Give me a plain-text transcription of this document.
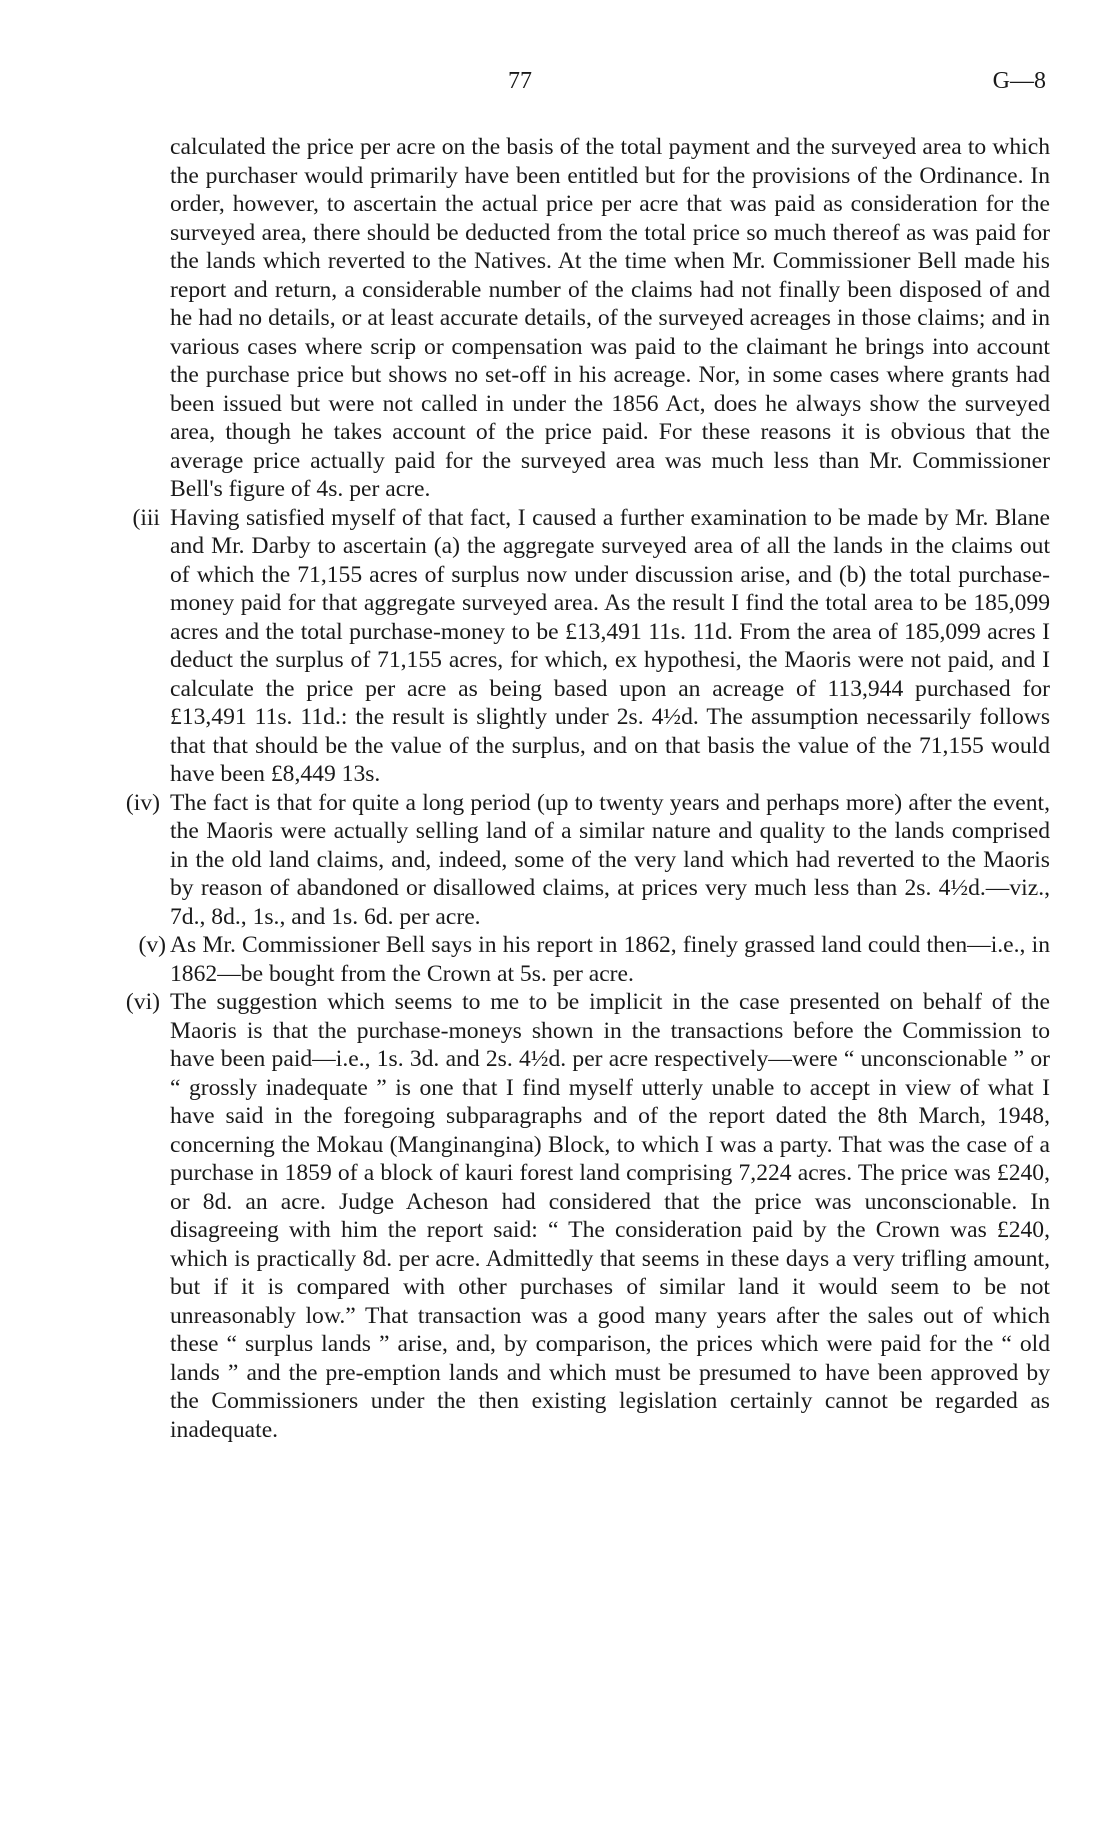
77	G—8

calculated the price per acre on the basis of the total payment and the surveyed area to which the purchaser would primarily have been entitled but for the provisions of the Ordinance. In order, however, to ascertain the actual price per acre that was paid as consideration for the surveyed area, there should be deducted from the total price so much thereof as was paid for the lands which reverted to the Natives. At the time when Mr. Commissioner Bell made his report and return, a considerable number of the claims had not finally been disposed of and he had no details, or at least accurate details, of the surveyed acreages in those claims; and in various cases where scrip or compensation was paid to the claimant he brings into account the purchase price but shows no set-off in his acreage. Nor, in some cases where grants had been issued but were not called in under the 1856 Act, does he always show the surveyed area, though he takes account of the price paid. For these reasons it is obvious that the average price actually paid for the surveyed area was much less than Mr. Commissioner Bell's figure of 4s. per acre.

(iii Having satisfied myself of that fact, I caused a further examination to be made by Mr. Blane and Mr. Darby to ascertain (a) the aggregate surveyed area of all the lands in the claims out of which the 71,155 acres of surplus now under discussion arise, and (b) the total purchase-money paid for that aggregate surveyed area. As the result I find the total area to be 185,099 acres and the total purchase-money to be £13,491 11s. 11d. From the area of 185,099 acres I deduct the surplus of 71,155 acres, for which, ex hypothesi, the Maoris were not paid, and I calculate the price per acre as being based upon an acreage of 113,944 purchased for £13,491 11s. 11d.: the result is slightly under 2s. 4½d. The assumption necessarily follows that that should be the value of the surplus, and on that basis the value of the 71,155 would have been £8,449 13s.

(iv) The fact is that for quite a long period (up to twenty years and perhaps more) after the event, the Maoris were actually selling land of a similar nature and quality to the lands comprised in the old land claims, and, indeed, some of the very land which had reverted to the Maoris by reason of abandoned or disallowed claims, at prices very much less than 2s. 4½d.—viz., 7d., 8d., 1s., and 1s. 6d. per acre.

(v) As Mr. Commissioner Bell says in his report in 1862, finely grassed land could then—i.e., in 1862—be bought from the Crown at 5s. per acre.

(vi) The suggestion which seems to me to be implicit in the case presented on behalf of the Maoris is that the purchase-moneys shown in the transactions before the Commission to have been paid—i.e., 1s. 3d. and 2s. 4½d. per acre respectively—were “ unconscionable ” or “ grossly inadequate ” is one that I find myself utterly unable to accept in view of what I have said in the foregoing subparagraphs and of the report dated the 8th March, 1948, concerning the Mokau (Manginangina) Block, to which I was a party. That was the case of a purchase in 1859 of a block of kauri forest land comprising 7,224 acres. The price was £240, or 8d. an acre. Judge Acheson had considered that the price was unconscionable. In disagreeing with him the report said: “ The consideration paid by the Crown was £240, which is practically 8d. per acre. Admittedly that seems in these days a very trifling amount, but if it is compared with other purchases of similar land it would seem to be not unreasonably low.” That transaction was a good many years after the sales out of which these “ surplus lands ” arise, and, by comparison, the prices which were paid for the “ old lands ” and the pre-emption lands and which must be presumed to have been approved by the Commissioners under the then existing legislation certainly cannot be regarded as inadequate.
